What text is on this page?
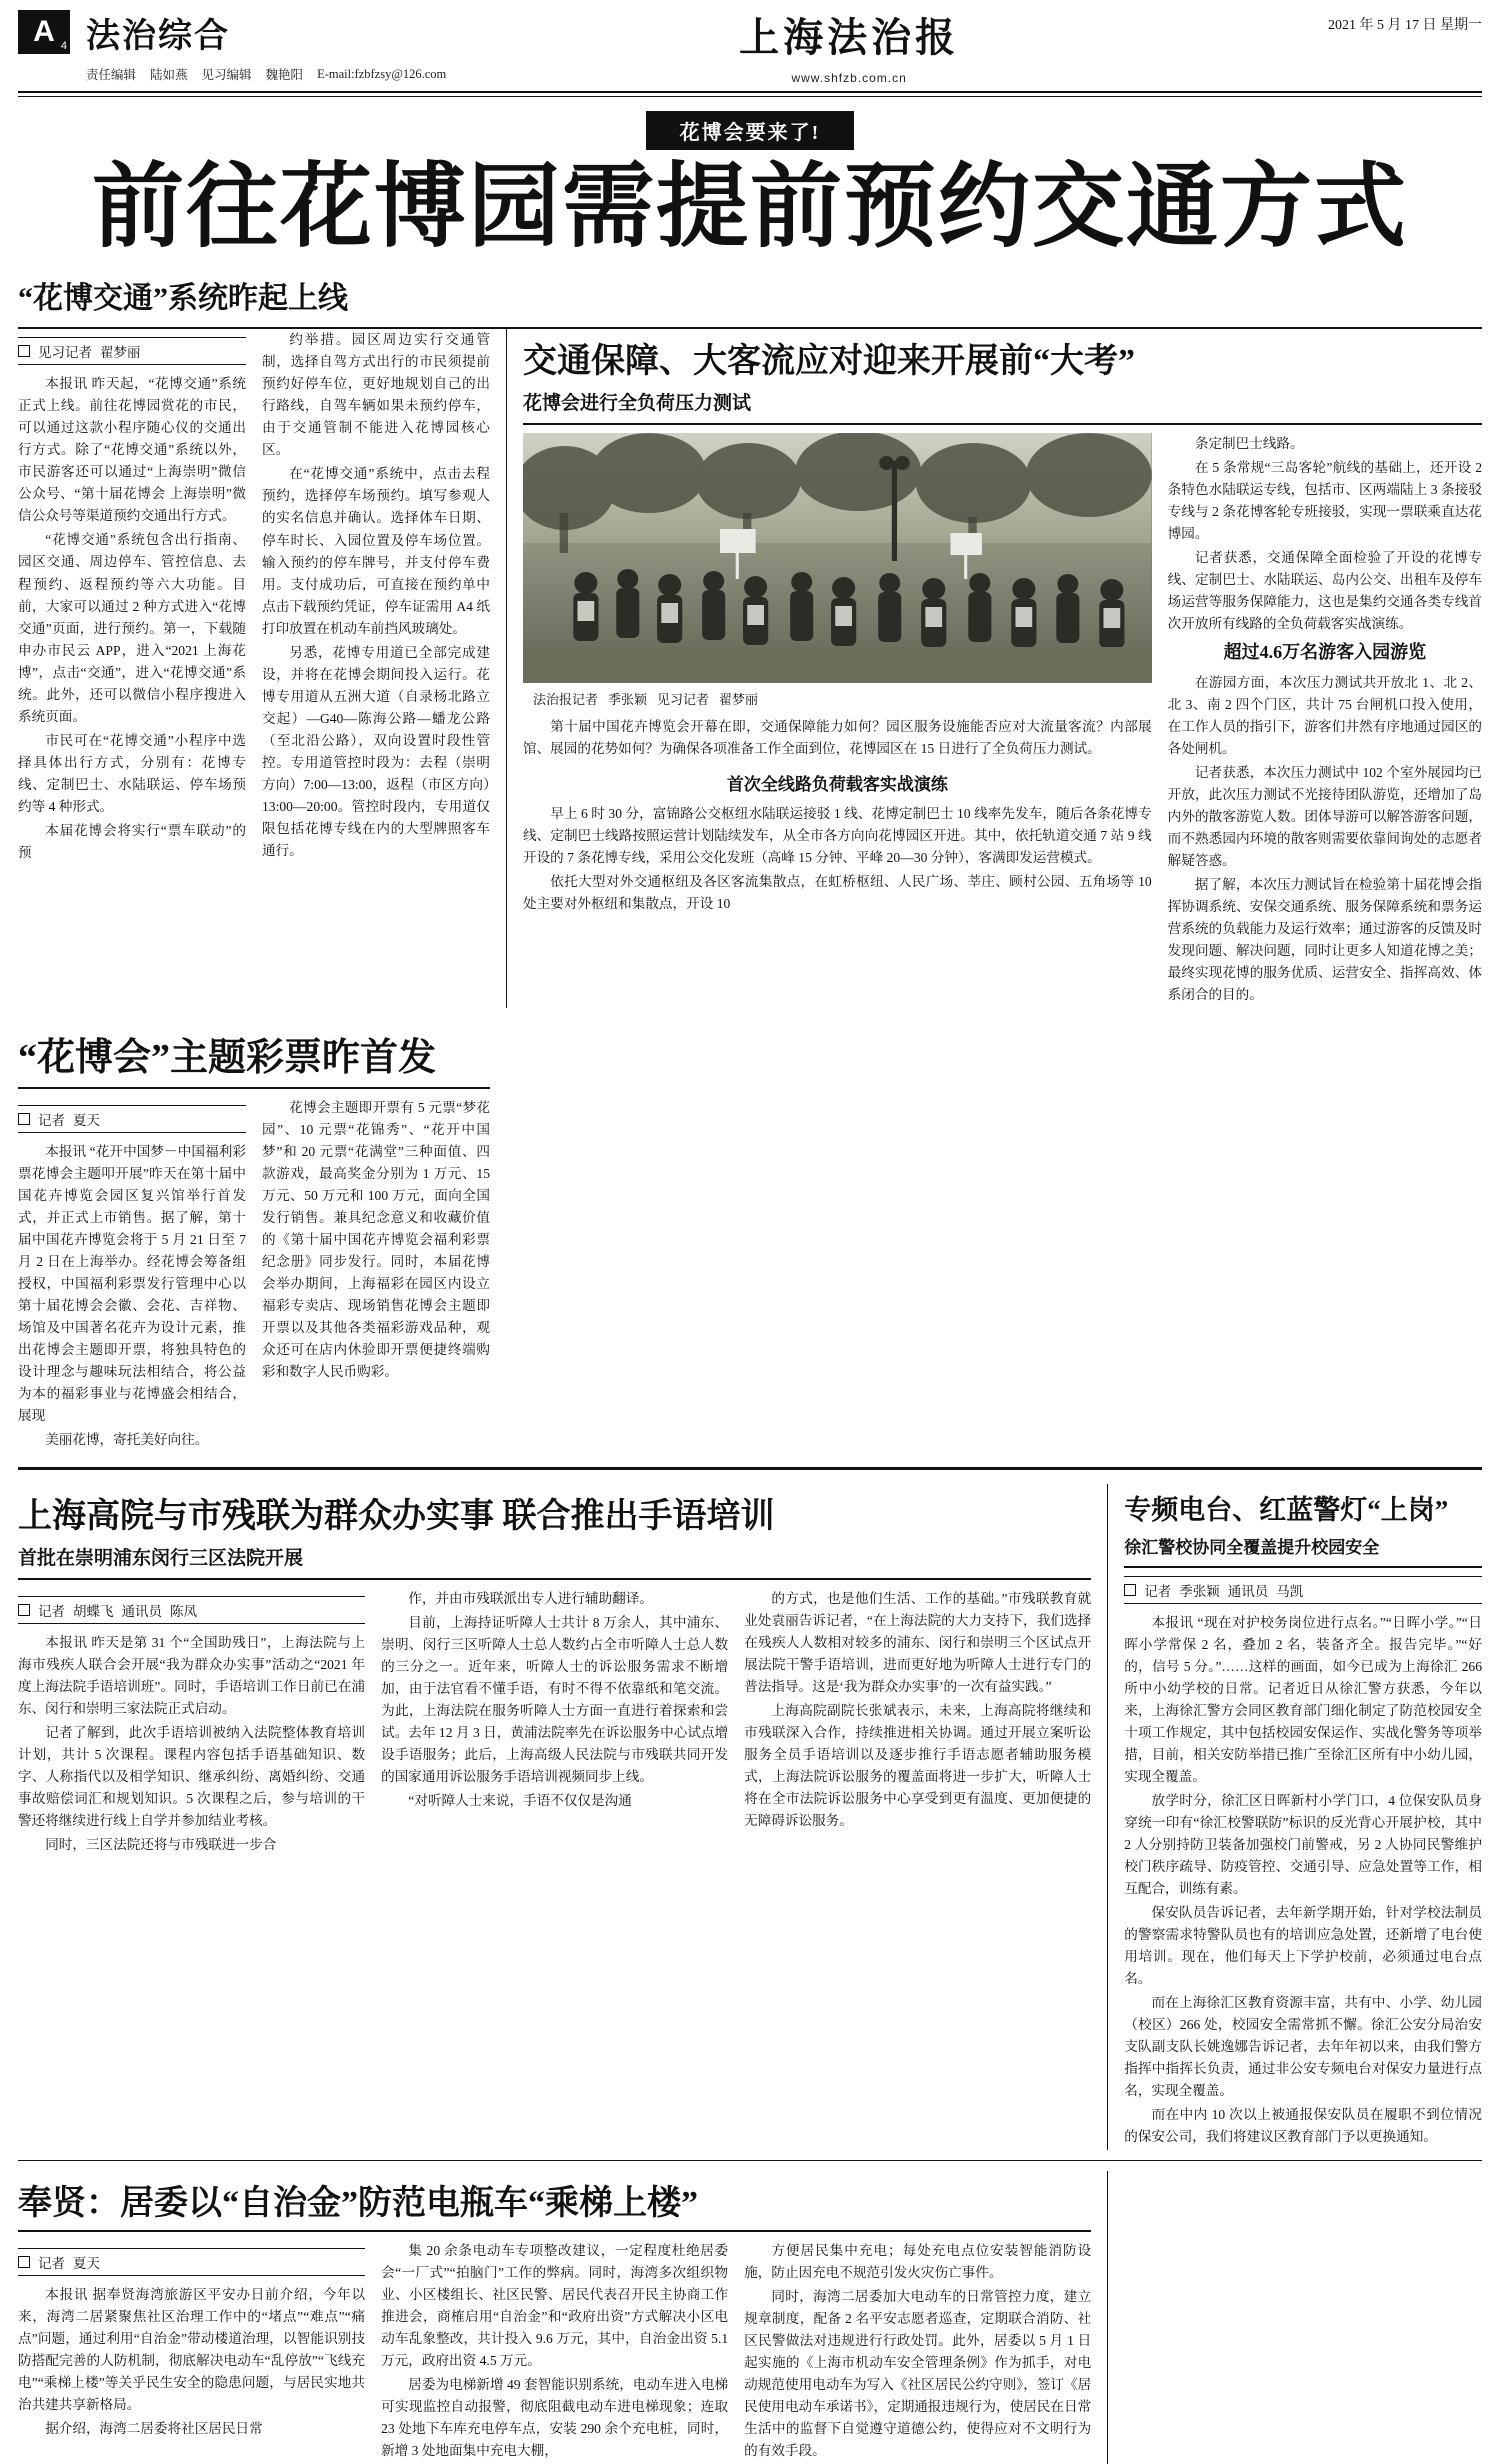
A 4 法治综合
责任编辑 陆如燕 见习编辑 魏艳阳 E-mail:fzbfzsy@126.com
上海法治报
www.shfzb.com.cn
2021 年 5 月 17 日 星期一
花博会要来了!
前往花博园需提前预约交通方式
“花博交通”系统昨起上线
见习记者 翟梦丽

本报讯 昨天起，“花博交通”系统正式上线。前往花博园赏花的市民，可以通过这款小程序随心仪的交通出行方式。除了“花博交通”系统以外，市民游客还可以通过“上海崇明”微信公众号、“第十届花博会 上海崇明”微信公众号等渠道预约交通出行方式。

“花博交通”系统包含出行指南、园区交通、周边停车、管控信息、去程预约、返程预约等六大功能。目前，大家可以通过 2 种方式进入“花博交通”页面，进行预约。第一，下载随申办市民云 APP，进入“2021 上海花博”，点击“交通”，进入“花博交通”系统。此外，还可以微信小程序搜进入系统页面。

市民可在“花博交通”小程序中选择具体出行方式，分别有：花博专线、定制巴士、水陆联运、停车场预约等 4 种形式。

本届花博会将实行“票车联动”的预

约举措。园区周边实行交通管制，选择自驾方式出行的市民须提前预约好停车位，更好地规划自己的出行路线，自驾车辆如果未预约停车，由于交通管制不能进入花博园核心区。

在“花博交通”系统中，点击去程预约，选择停车场预约。填写参观人的实名信息并确认。选择体车日期、停车时长、入园位置及停车场位置。输入预约的停车牌号，并支付停车费用。支付成功后，可直接在预约单中点击下载预约凭证，停车证需用 A4 纸打印放置在机动车前挡风玻璃处。

另悉，花博专用道已全部完成建设，并将在花博会期间投入运行。花博专用道从五洲大道（自录杨北路立交起）—G40—陈海公路—蟠龙公路（至北沿公路），双向设置时段性管控。专用道管控时段为：去程（崇明方向）7:00—13:00，返程（市区方向）13:00—20:00。管控时段内，专用道仅限包括花博专线在内的大型牌照客车通行。

交通保障、大客流应对迎来开展前“大考”
花博会进行全负荷压力测试
法治报记者 季张颖 见习记者 翟梦丽

第十届中国花卉博览会开幕在即，交通保障能力如何？园区服务设施能否应对大流量客流？内部展馆、展园的花势如何？为确保各项准备工作全面到位，花博园区在 15 日进行了全负荷压力测试。

首次全线路负荷载客实战演练

早上 6 时 30 分，富锦路公交枢纽水陆联运接驳 1 线、花博定制巴士 10 线率先发车，随后各条花博专线、定制巴士线路按照运营计划陆续发车，从全市各方向向花博园区开进。其中，依托轨道交通 7 站 9 线开设的 7 条花博专线，采用公交化发班（高峰 15 分钟、平峰 20—30 分钟），客满即发运营模式。

依托大型对外交通枢纽及各区客流集散点，在虹桥枢纽、人民广场、莘庄、顾村公园、五角场等 10 处主要对外枢纽和集散点，开设 10

条定制巴士线路。

在 5 条常规“三岛客轮”航线的基础上，还开设 2 条特色水陆联运专线，包括市、区两端陆上 3 条接驳专线与 2 条花博客轮专班接驳，实现一票联乘直达花博园。

记者获悉，交通保障全面检验了开设的花博专线、定制巴士、水陆联运、岛内公交、出租车及停车场运营等服务保障能力，这也是集约交通各类专线首次开放所有线路的全负荷载客实战演练。

超过4.6万名游客入园游览

在游园方面，本次压力测试共开放北 1、北 2、北 3、南 2 四个门区，共计 75 台闸机口投入使用，在工作人员的指引下，游客们井然有序地通过园区的各处闸机。

记者获悉，本次压力测试中 102 个室外展园均已开放，此次压力测试不光接待团队游览，还增加了岛内外的散客游览人数。团体导游可以解答游客问题，而不熟悉园内环境的散客则需要依靠间询处的志愿者解疑答惑。

据了解，本次压力测试旨在检验第十届花博会指挥协调系统、安保交通系统、服务保障系统和票务运营系统的负载能力及运行效率；通过游客的反馈及时发现问题、解决问题，同时让更多人知道花博之美；最终实现花博的服务优质、运营安全、指挥高效、体系闭合的目的。

“花博会”主题彩票昨首发
记者 夏天

本报讯 “花开中国梦－中国福利彩票花博会主题叩开展”昨天在第十届中国花卉博览会园区复兴馆举行首发式，并正式上市销售。据了解，第十届中国花卉博览会将于 5 月 21 日至 7 月 2 日在上海举办。经花博会筹备组授权，中国福利彩票发行管理中心以第十届花博会会徽、会花、吉祥物、场馆及中国著名花卉为设计元素，推出花博会主题即开票，将独具特色的设计理念与趣味玩法相结合，将公益为本的福彩事业与花博盛会相结合，展现

美丽花博，寄托美好向往。

花博会主题即开票有 5 元票“梦花园”、10 元票“花锦秀”、“花开中国梦”和 20 元票“花满堂”三种面值、四款游戏，最高奖金分别为 1 万元、15 万元、50 万元和 100 万元，面向全国发行销售。兼具纪念意义和收藏价值的《第十届中国花卉博览会福利彩票纪念册》同步发行。同时，本届花博会举办期间，上海福彩在园区内设立福彩专卖店、现场销售花博会主题即开票以及其他各类福彩游戏品种，观众还可在店内休验即开票便捷终端购彩和数字人民币购彩。

上海高院与市残联为群众办实事 联合推出手语培训
首批在崇明浦东闵行三区法院开展
记者 胡蝶飞 通讯员 陈凤

本报讯 昨天是第 31 个“全国助残日”，上海法院与上海市残疾人联合会开展“我为群众办实事”活动之“2021 年度上海法院手语培训班”。同时，手语培训工作日前已在浦东、闵行和崇明三家法院正式启动。

记者了解到，此次手语培训被纳入法院整体教育培训计划，共计 5 次课程。课程内容包括手语基础知识、数字、人称指代以及相学知识、继承纠纷、离婚纠纷、交通事故赔偿词汇和规划知识。5 次课程之后，参与培训的干警还将继续进行线上自学并参加结业考核。

同时，三区法院还将与市残联进一步合

作，并由市残联派出专人进行辅助翻译。

目前，上海持证听障人士共计 8 万余人，其中浦东、崇明、闵行三区听障人士总人数约占全市听障人士总人数的三分之一。近年来，听障人士的诉讼服务需求不断增加，由于法官看不懂手语，有时不得不依靠纸和笔交流。为此，上海法院在服务听障人士方面一直进行着探索和尝试。去年 12 月 3 日，黄浦法院率先在诉讼服务中心试点增设手语服务；此后，上海高级人民法院与市残联共同开发的国家通用诉讼服务手语培训视频同步上线。

“对听障人士来说，手语不仅仅是沟通

的方式，也是他们生活、工作的基础。”市残联教育就业处袁丽告诉记者，“在上海法院的大力支持下，我们选择在残疾人人数相对较多的浦东、闵行和崇明三个区试点开展法院干警手语培训，进而更好地为听障人士进行专门的普法指导。这是‘我为群众办实事’的一次有益实践。”

上海高院副院长张斌表示，未来，上海高院将继续和市残联深入合作，持续推进相关协调。通过开展立案听讼服务全员手语培训以及逐步推行手语志愿者辅助服务模式，上海法院诉讼服务的覆盖面将进一步扩大，听障人士将在全市法院诉讼服务中心享受到更有温度、更加便捷的无障碍诉讼服务。

专频电台、红蓝警灯“上岗”
徐汇警校协同全覆盖提升校园安全
记者 季张颖 通讯员 马凯

本报讯 “现在对护校务岗位进行点名。”“日晖小学。”“日晖小学常保 2 名，叠加 2 名，装备齐全。报告完毕。”“好的，信号 5 分。”……这样的画面，如今已成为上海徐汇 266 所中小幼学校的日常。记者近日从徐汇警方获悉，今年以来，上海徐汇警方会同区教育部门细化制定了防范校园安全十项工作规定，其中包括校园安保运作、实战化警务等项举措，目前，相关安防举措已推广至徐汇区所有中小幼儿园，实现全覆盖。

放学时分，徐汇区日晖新村小学门口，4 位保安队员身穿统一印有“徐汇校警联防”标识的反光背心开展护校，其中 2 人分别持防卫装备加强校门前警戒，另 2 人协同民警维护校门秩序疏导、防疫管控、交通引导、应急处置等工作，相互配合，训练有素。

保安队员告诉记者，去年新学期开始，针对学校法制员的警察需求特警队员也有的培训应急处置，还新增了电台使用培训。现在，他们每天上下学护校前，必须通过电台点名。

而在上海徐汇区教育资源丰富，共有中、小学、幼儿园（校区）266 处，校园安全需常抓不懈。徐汇公安分局治安支队副支队长姚逸娜告诉记者，去年年初以来，由我们警方指挥中指挥长负责，通过非公安专频电台对保安力量进行点名，实现全覆盖。

而在中内 10 次以上被通报保安队员在履职不到位情况的保安公司，我们将建议区教育部门予以更换通知。

奉贤：居委以“自治金”防范电瓶车“乘梯上楼”
记者 夏天

本报讯 据奉贤海湾旅游区平安办日前介绍，今年以来，海湾二居紧聚焦社区治理工作中的“堵点”“难点”“痛点”问题，通过利用“自治金”带动楼道治理，以智能识别技防搭配完善的人防机制，彻底解决电动车“乱停放”“飞线充电”“乘梯上楼”等关乎民生安全的隐患问题，与居民实地共治共建共享新格局。

据介绍，海湾二居委将社区居民日常

集 20 余条电动车专项整改建议，一定程度杜绝居委会“一厂式”“拍脑门”工作的弊病。同时，海湾多次组织物业、小区楼组长、社区民警、居民代表召开民主协商工作推进会，商榷启用“自治金”和“政府出资”方式解决小区电动车乱象整改，共计投入 9.6 万元，其中，自治金出资 5.1 万元，政府出资 4.5 万元。

居委为电梯新增 49 套智能识别系统，电动车进入电梯可实现监控自动报警，彻底阻截电动车进电梯现象；连取 23 处地下车库充电停车点，安装 290 余个充电桩，同时，新增 3 处地面集中充电大棚，

方便居民集中充电；每处充电点位安装智能消防设施，防止因充电不规范引发火灾伤亡事件。

同时，海湾二居委加大电动车的日常管控力度，建立规章制度，配备 2 名平安志愿者巡查，定期联合消防、社区民警做法对违规进行行政处罚。此外，居委以 5 月 1 日起实施的《上海市机动车安全管理条例》作为抓手，对电动规范使用电动车为写入《社区居民公约守则》，签订《居民使用电动车承诺书》，定期通报违规行为，使居民在日常生活中的监督下自觉遵守道德公约，使得应对不文明行为的有效手段。
